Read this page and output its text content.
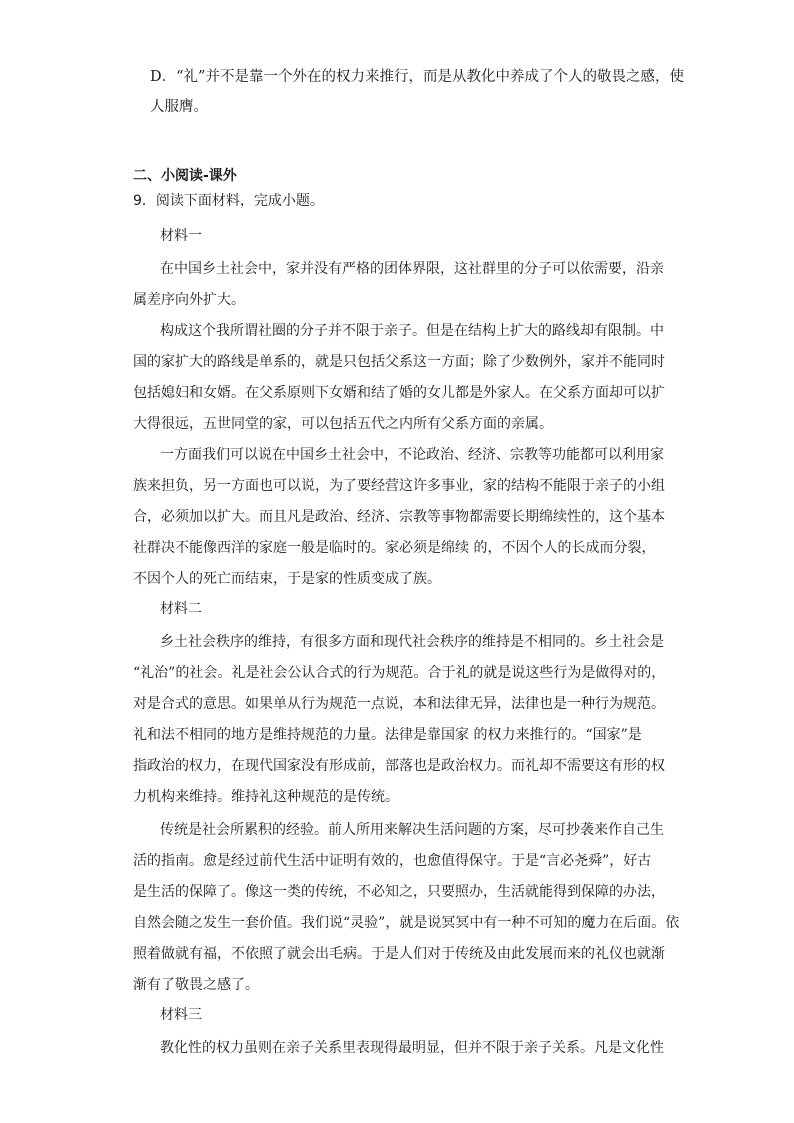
D．“礼”并不是靠一个外在的权力来推行，而是从教化中养成了个人的敬畏之感，使
人服膺。
二、小阅读-课外
9．阅读下面材料，完成小题。
材料一
在中国乡土社会中，家并没有严格的团体界限，这社群里的分子可以依需要，沿亲
属差序向外扩大。
构成这个我所谓社圈的分子并不限于亲子。但是在结构上扩大的路线却有限制。中
国的家扩大的路线是单系的，就是只包括父系这一方面；除了少数例外，家并不能同时
包括媳妇和女婿。在父系原则下女婿和结了婚的女儿都是外家人。在父系方面却可以扩
大得很远，五世同堂的家，可以包括五代之内所有父系方面的亲属。
一方面我们可以说在中国乡土社会中，不论政治、经济、宗教等功能都可以利用家
族来担负，另一方面也可以说，为了要经营这许多事业，家的结构不能限于亲子的小组
合，必须加以扩大。而且凡是政治、经济、宗教等事物都需要长期绵续性的，这个基本
社群决不能像西洋的家庭一般是临时的。家必须是绵续 的，不因个人的长成而分裂，
不因个人的死亡而结束，于是家的性质变成了族。
材料二
乡土社会秩序的维持，有很多方面和现代社会秩序的维持是不相同的。乡土社会是
“礼治”的社会。礼是社会公认合式的行为规范。合于礼的就是说这些行为是做得对的，
对是合式的意思。如果单从行为规范一点说，本和法律无异，法律也是一种行为规范。
礼和法不相同的地方是维持规范的力量。法律是靠国家 的权力来推行的。“国家”是
指政治的权力，在现代国家没有形成前，部落也是政治权力。而礼却不需要这有形的权
力机构来维持。维持礼这种规范的是传统。
传统是社会所累积的经验。前人所用来解决生活问题的方案，尽可抄袭来作自己生
活的指南。愈是经过前代生活中证明有效的，也愈值得保守。于是“言必尧舜”，好古
是生活的保障了。像这一类的传统，不必知之，只要照办，生活就能得到保障的办法，
自然会随之发生一套价值。我们说“灵验”，就是说冥冥中有一种不可知的魔力在后面。依
照着做就有福，不依照了就会出毛病。于是人们对于传统及由此发展而来的礼仪也就渐
渐有了敬畏之感了。
材料三
教化性的权力虽则在亲子关系里表现得最明显，但并不限于亲子关系。凡是文化性
